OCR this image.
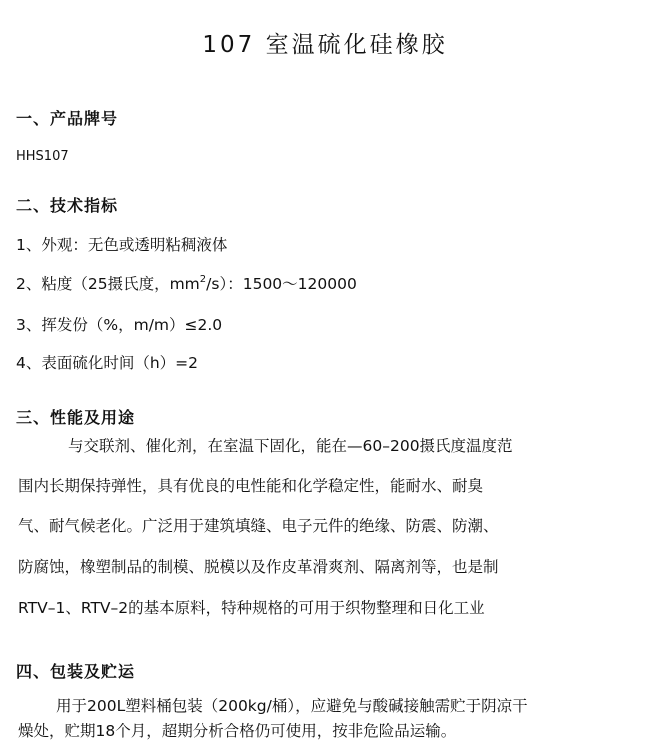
107 室温硫化硅橡胶
一、产品牌号
HHS107
二、技术指标
1、外观：无色或透明粘稠液体
2、粘度（25摄氏度，$mm^2/s$）：1500～120000
3、挥发份（%，m/m）≤2.0
4、表面硫化时间（h）=2
三、性能及用途
与交联剂、催化剂，在室温下固化，能在—60–200摄氏度温度范
围内长期保持弹性，具有优良的电性能和化学稳定性，能耐水、耐臭
气、耐气候老化。广泛用于建筑填缝、电子元件的绝缘、防震、防潮、
防腐蚀，橡塑制品的制模、脱模以及作皮革滑爽剂、隔离剂等，也是制
RTV–1、RTV–2的基本原料，特种规格的可用于织物整理和日化工业
四、包装及贮运
用于200L塑料桶包装（200kg/桶），应避免与酸碱接触需贮于阴凉干
燥处，贮期18个月，超期分析合格仍可使用，按非危险品运输。
